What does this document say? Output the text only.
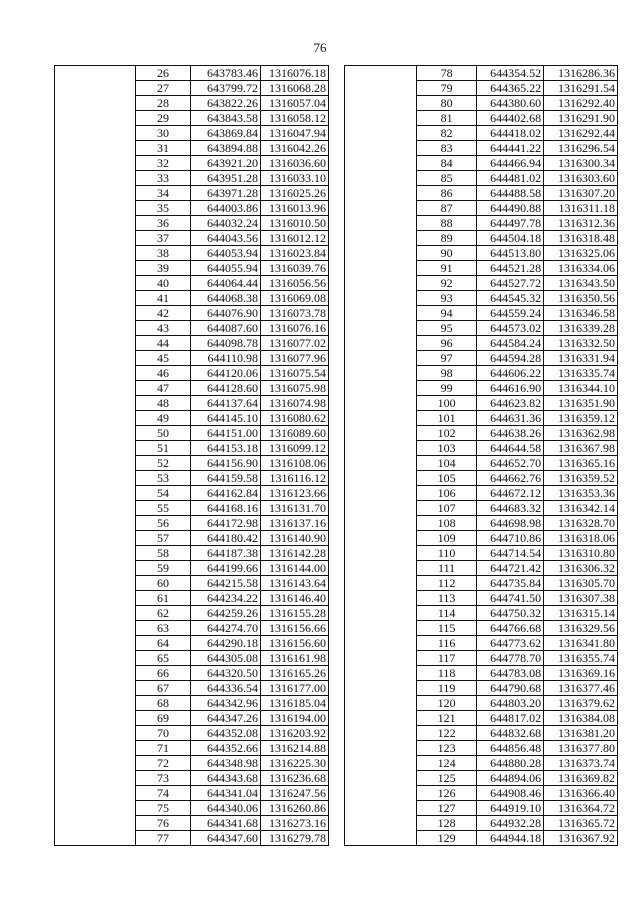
76
	26	643783.46	1316076.18
	27	643799.72	1316068.28
	28	643822.26	1316057.04
	29	643843.58	1316058.12
	30	643869.84	1316047.94
	31	643894.88	1316042.26
	32	643921.20	1316036.60
	33	643951.28	1316033.10
	34	643971.28	1316025.26
	35	644003.86	1316013.96
	36	644032.24	1316010.50
	37	644043.56	1316012.12
	38	644053.94	1316023.84
	39	644055.94	1316039.76
	40	644064.44	1316056.56
	41	644068.38	1316069.08
	42	644076.90	1316073.78
	43	644087.60	1316076.16
	44	644098.78	1316077.02
	45	644110.98	1316077.96
	46	644120.06	1316075.54
	47	644128.60	1316075.98
	48	644137.64	1316074.98
	49	644145.10	1316080.62
	50	644151.00	1316089.60
	51	644153.18	1316099.12
	52	644156.90	1316108.06
	53	644159.58	1316116.12
	54	644162.84	1316123.66
	55	644168.16	1316131.70
	56	644172.98	1316137.16
	57	644180.42	1316140.90
	58	644187.38	1316142.28
	59	644199.66	1316144.00
	60	644215.58	1316143.64
	61	644234.22	1316146.40
	62	644259.26	1316155.28
	63	644274.70	1316156.66
	64	644290.18	1316156.60
	65	644305.08	1316161.98
	66	644320.50	1316165.26
	67	644336.54	1316177.00
	68	644342.96	1316185.04
	69	644347.26	1316194.00
	70	644352.08	1316203.92
	71	644352.66	1316214.88
	72	644348.98	1316225.30
	73	644343.68	1316236.68
	74	644341.04	1316247.56
	75	644340.06	1316260.86
	76	644341.68	1316273.16
	77	644347.60	1316279.78
	78	644354.52	1316286.36
	79	644365.22	1316291.54
	80	644380.60	1316292.40
	81	644402.68	1316291.90
	82	644418.02	1316292.44
	83	644441.22	1316296.54
	84	644466.94	1316300.34
	85	644481.02	1316303.60
	86	644488.58	1316307.20
	87	644490.88	1316311.18
	88	644497.78	1316312.36
	89	644504.18	1316318.48
	90	644513.80	1316325.06
	91	644521.28	1316334.06
	92	644527.72	1316343.50
	93	644545.32	1316350.56
	94	644559.24	1316346.58
	95	644573.02	1316339.28
	96	644584.24	1316332.50
	97	644594.28	1316331.94
	98	644606.22	1316335.74
	99	644616.90	1316344.10
	100	644623.82	1316351.90
	101	644631.36	1316359.12
	102	644638.26	1316362.98
	103	644644.58	1316367.98
	104	644652.70	1316365.16
	105	644662.76	1316359.52
	106	644672.12	1316353.36
	107	644683.32	1316342.14
	108	644698.98	1316328.70
	109	644710.86	1316318.06
	110	644714.54	1316310.80
	111	644721.42	1316306.32
	112	644735.84	1316305.70
	113	644741.50	1316307.38
	114	644750.32	1316315.14
	115	644766.68	1316329.56
	116	644773.62	1316341.80
	117	644778.70	1316355.74
	118	644783.08	1316369.16
	119	644790.68	1316377.46
	120	644803.20	1316379.62
	121	644817.02	1316384.08
	122	644832.68	1316381.20
	123	644856.48	1316377.80
	124	644880.28	1316373.74
	125	644894.06	1316369.82
	126	644908.46	1316366.40
	127	644919.10	1316364.72
	128	644932.28	1316365.72
	129	644944.18	1316367.92
